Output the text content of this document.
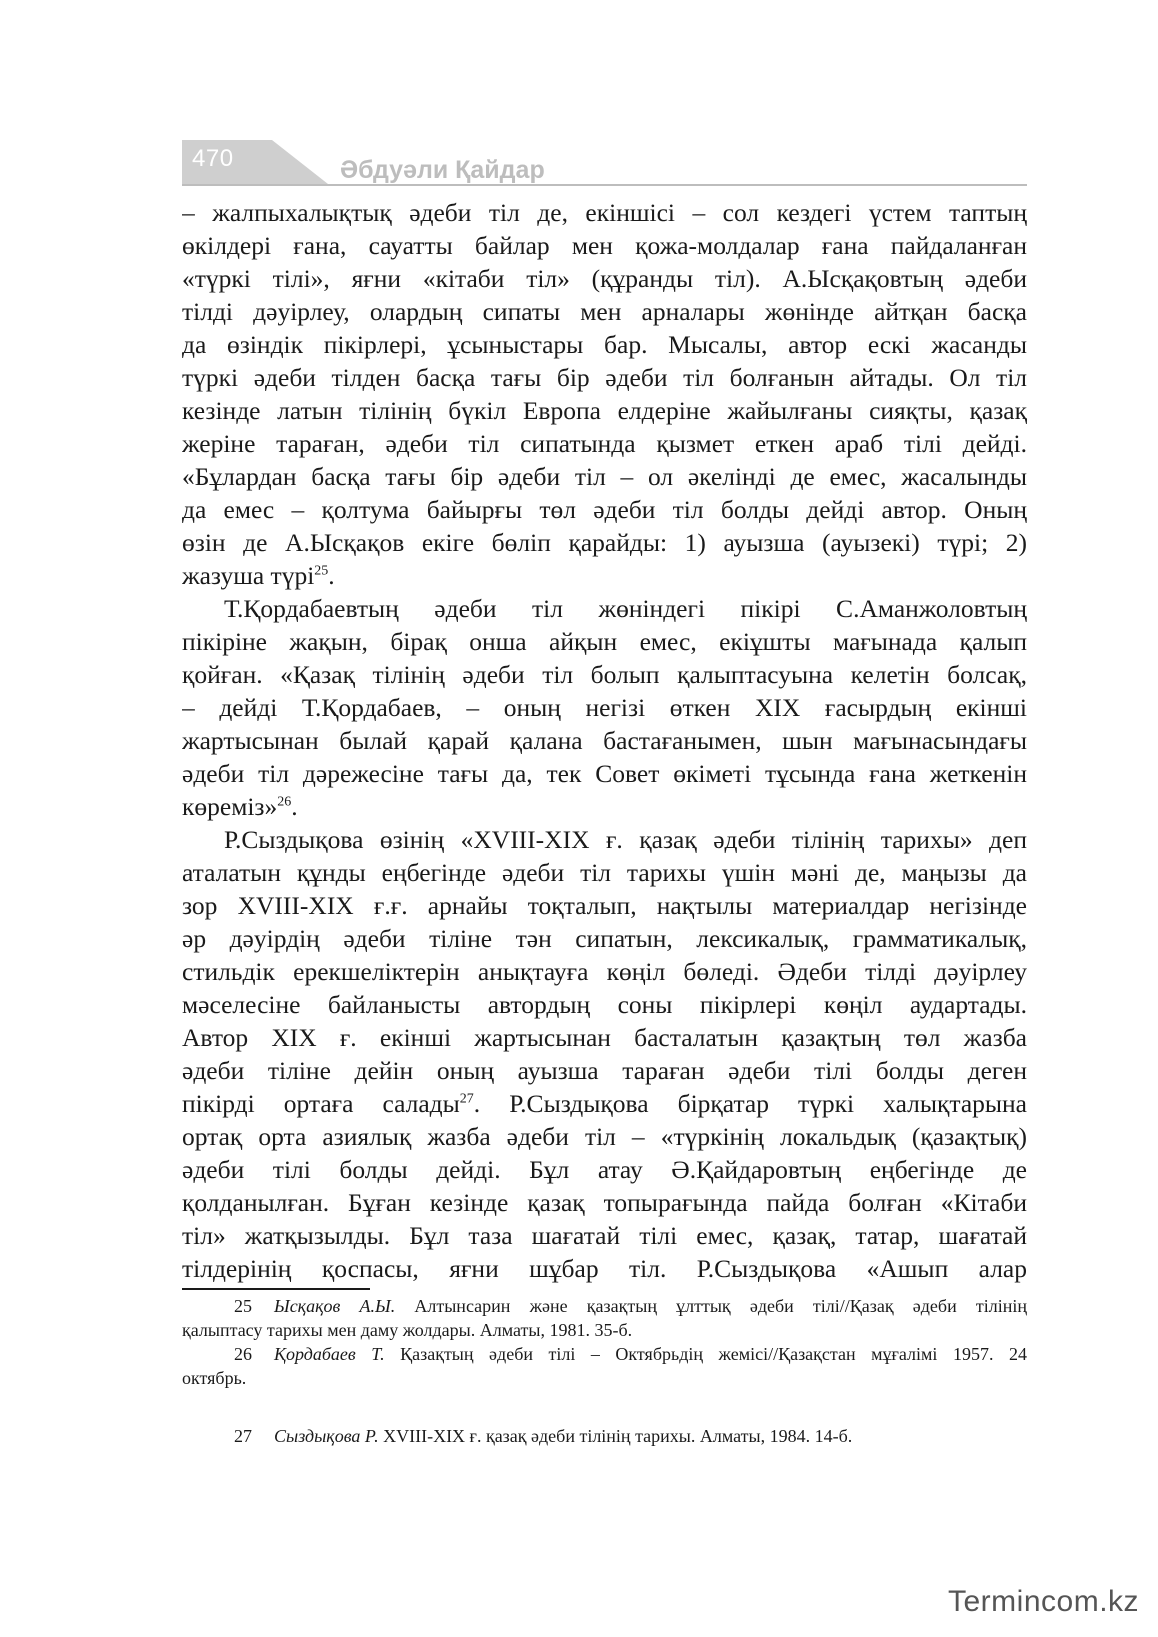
470	Әбдуәли Қайдар
– жалпыхалықтық әдеби тіл де, екіншісі – сол кездегі үстем таптың
өкілдері ғана, сауатты байлар мен қожа-молдалар ғана пайдаланған
«түркі тілі», яғни «кітаби тіл» (құранды тіл). А.Ысқақовтың әдеби
тілді дәуірлеу, олардың сипаты мен арналары жөнінде айтқан басқа
да өзіндік пікірлері, ұсыныстары бар. Мысалы, автор ескі жасанды
түркі әдеби тілден басқа тағы бір әдеби тіл болғанын айтады. Ол тіл
кезінде латын тілінің бүкіл Европа елдеріне жайылғаны сияқты, қазақ
жеріне тараған, әдеби тіл сипатында қызмет еткен араб тілі дейді.
«Бұлардан басқа тағы бір әдеби тіл – ол әкелінді де емес, жасалынды
да емес – қолтума байырғы төл әдеби тіл болды дейді автор. Оның
өзін де А.Ысқақов екіге бөліп қарайды: 1) ауызша (ауызекі) түрі; 2)
жазуша түрі$^{25}$.
Т.Қордабаевтың әдеби тіл жөніндегі пікірі С.Аманжоловтың
пікіріне жақын, бірақ онша айқын емес, екіұшты мағынада қалып
қойған. «Қазақ тілінің әдеби тіл болып қалыптасуына келетін болсақ,
– дейді Т.Қордабаев, – оның негізі өткен XIX ғасырдың екінші
жартысынан былай қарай қалана бастағанымен, шын мағынасындағы
әдеби тіл дәрежесіне тағы да, тек Совет өкіметі тұсында ғана жеткенін
көреміз»$^{26}$.
Р.Сыздықова өзінің «XVIII-XIX ғ. қазақ әдеби тілінің тарихы» деп
аталатын құнды еңбегінде әдеби тіл тарихы үшін мәні де, маңызы да
зор XVIII-XIX ғ.ғ. арнайы тоқталып, нақтылы материалдар негізінде
әр дәуірдің әдеби тіліне тән сипатын, лексикалық, грамматикалық,
стильдік ерекшеліктерін анықтауға көңіл бөледі. Әдеби тілді дәуірлеу
мәселесіне байланысты автордың соны пікірлері көңіл аудартады.
Автор XIX ғ. екінші жартысынан басталатын қазақтың төл жазба
әдеби тіліне дейін оның ауызша тараған әдеби тілі болды деген
пікірді ортаға салады$^{27}$. Р.Сыздықова бірқатар түркі халықтарына
ортақ орта азиялық жазба әдеби тіл – «түркінің локальдық (қазақтық)
әдеби тілі болды дейді. Бұл атау Ә.Қайдаровтың еңбегінде де
қолданылған. Бұған кезінде қазақ топырағында пайда болған «Кітаби
тіл» жатқызылды. Бұл таза шағатай тілі емес, қазақ, татар, шағатай
тілдерінің қоспасы, яғни шұбар тіл. Р.Сыздықова «Ашып алар
25 Ысқақов А.Ы. Алтынсарин және қазақтың ұлттық әдеби тілі//Қазақ әдеби тілінің
қалыптасу тарихы мен даму жолдары. Алматы, 1981. 35-б.
26 Қордабаев Т. Қазақтың әдеби тілі – Октябрьдің жемісі//Қазақстан мұғалімі 1957. 24
октябрь.
27 Сыздықова Р. XVIII-XIX ғ. қазақ әдеби тілінің тарихы. Алматы, 1984. 14-б.
Termincom.kz
